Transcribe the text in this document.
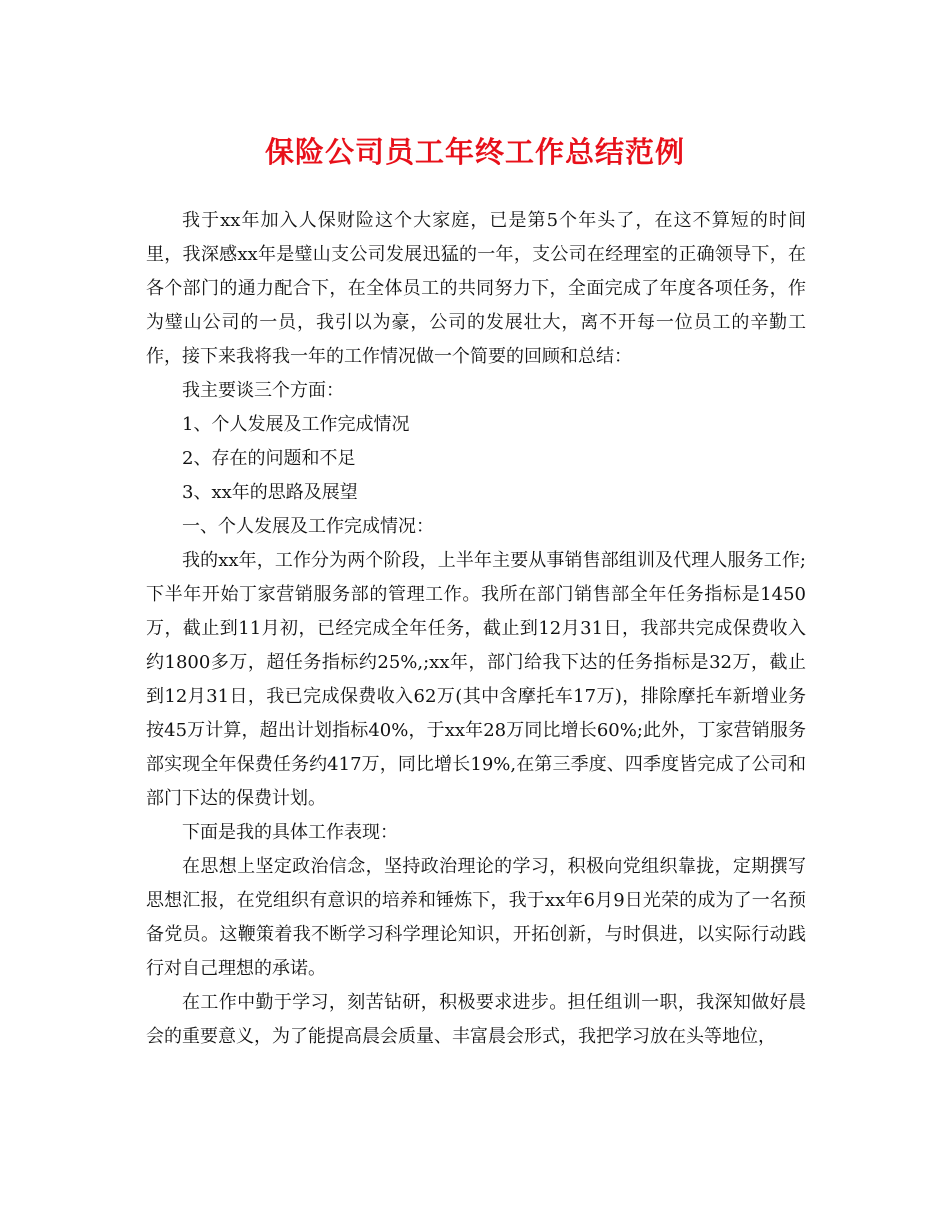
保险公司员工年终工作总结范例

我于xx年加入人保财险这个大家庭，已是第5个年头了，在这不算短的时间里，我深感xx年是璧山支公司发展迅猛的一年，支公司在经理室的正确领导下，在各个部门的通力配合下，在全体员工的共同努力下，全面完成了年度各项任务，作为璧山公司的一员，我引以为豪，公司的发展壮大，离不开每一位员工的辛勤工作，接下来我将我一年的工作情况做一个简要的回顾和总结：

我主要谈三个方面：

1、个人发展及工作完成情况

2、存在的问题和不足

3、xx年的思路及展望

一、个人发展及工作完成情况：

我的xx年，工作分为两个阶段，上半年主要从事销售部组训及代理人服务工作;下半年开始丁家营销服务部的管理工作。我所在部门销售部全年任务指标是1450万，截止到11月初，已经完成全年任务，截止到12月31日，我部共完成保费收入约1800多万，超任务指标约25%,;xx年，部门给我下达的任务指标是32万，截止到12月31日，我已完成保费收入62万(其中含摩托车17万)，排除摩托车新增业务按45万计算，超出计划指标40%，于xx年28万同比增长60%;此外，丁家营销服务部实现全年保费任务约417万，同比增长19%,在第三季度、四季度皆完成了公司和部门下达的保费计划。

下面是我的具体工作表现：

在思想上坚定政治信念，坚持政治理论的学习，积极向党组织靠拢，定期撰写思想汇报，在党组织有意识的培养和锤炼下，我于xx年6月9日光荣的成为了一名预备党员。这鞭策着我不断学习科学理论知识，开拓创新，与时俱进，以实际行动践行对自己理想的承诺。

在工作中勤于学习，刻苦钻研，积极要求进步。担任组训一职，我深知做好晨会的重要意义，为了能提高晨会质量、丰富晨会形式，我把学习放在头等地位，
